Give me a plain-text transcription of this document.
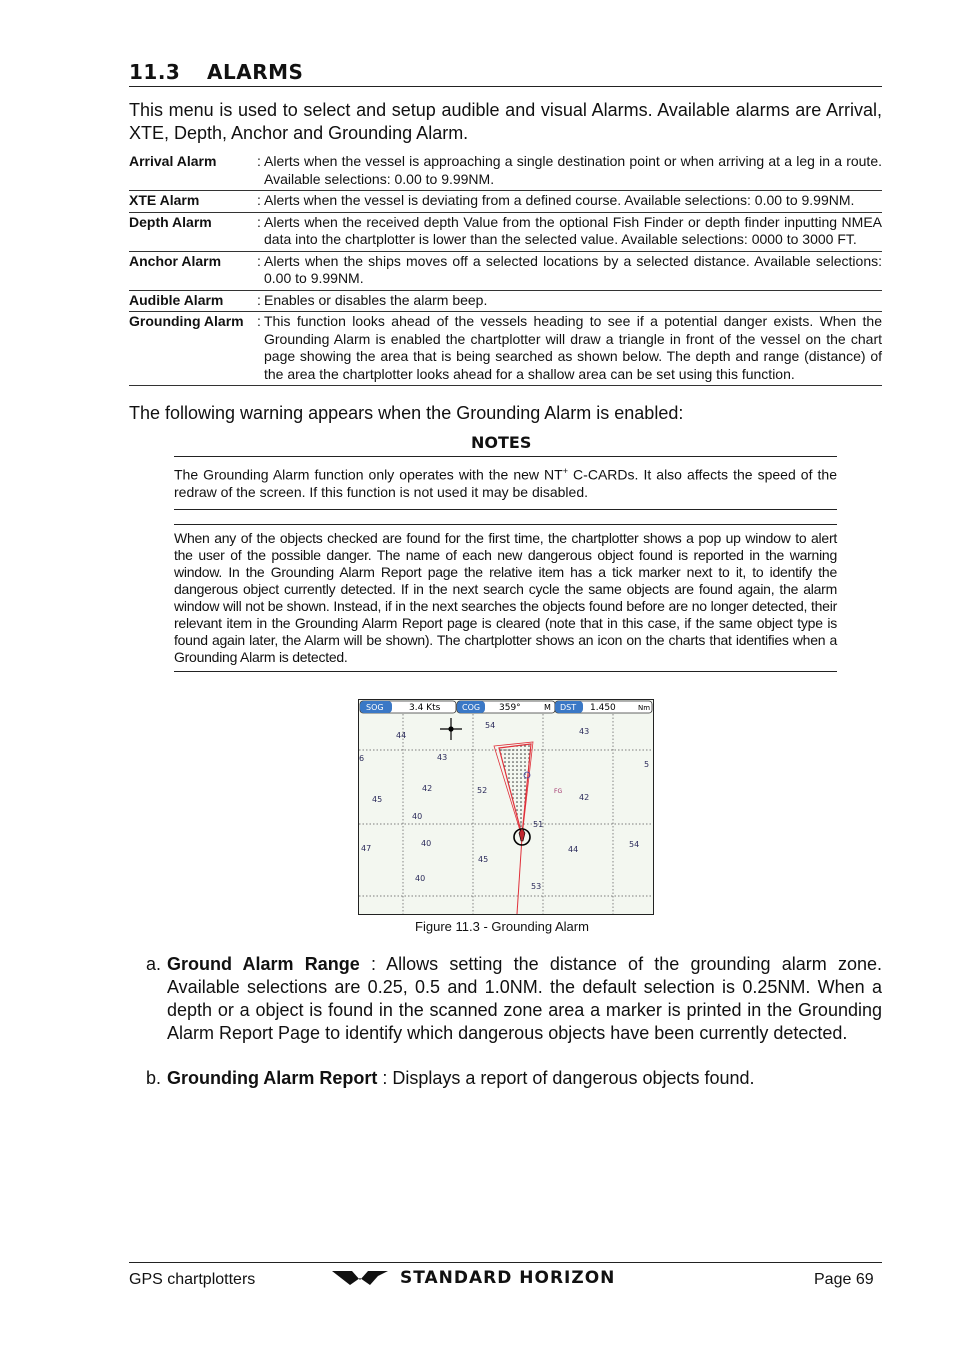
11.3 ALARMS
This menu is used to select and setup audible and visual Alarms. Available alarms are Arrival, XTE, Depth, Anchor and Grounding Alarm.
Arrival Alarm	: Alerts when the vessel is approaching a single destination point or when arriving at a leg in a route. Available selections: 0.00 to 9.99NM.
XTE Alarm	: Alerts when the vessel is deviating from a defined course. Available selections: 0.00 to 9.99NM.
Depth Alarm	: Alerts when the received depth Value from the optional Fish Finder or depth finder inputting NMEA data into the chartplotter is lower than the selected value. Available selections: 0000 to 3000 FT.
Anchor Alarm	: Alerts when the ships moves off a selected locations by a selected distance. Available selections: 0.00 to 9.99NM.
Audible Alarm	: Enables or disables the alarm beep.
Grounding Alarm : This function looks ahead of the vessels heading to see if a potential danger exists. When the Grounding Alarm is enabled the chartplotter will draw a triangle in front of the vessel on the chart page showing the area that is being searched as shown below. The depth and range (distance) of the area the chartplotter looks ahead for a shallow area can be set using this function.
The following warning appears when the Grounding Alarm is enabled:
NOTES
The Grounding Alarm function only operates with the new NT+ C-CARDs. It also affects the speed of the redraw of the screen. If this function is not used it may be disabled.
When any of the objects checked are found for the first time, the chartplotter shows a pop up window to alert the user of the possible danger. The name of each new dangerous object found is reported in the warning window. In the Grounding Alarm Report page the relative item has a tick marker next to it, to identify the dangerous object currently detected. If in the next search cycle the same objects are found again, the alarm window will not be shown. Instead, if in the next searches the objects found before are no longer detected, their relevant item in the Grounding Alarm Report page is cleared (note that in this case, if the same object type is found again later, the Alarm will be shown). The chartplotter shows an icon on the charts that identifies when a Grounding Alarm is detected.
SOG	3.4 Kts	COG 359°	M DST 1.450	Nm
54
43
44
43
5
6
45
42	52	FG
42
40
51
47
40
45
44
54
40
53
Figure 11.3 - Grounding Alarm
a. Ground Alarm Range : Allows setting the distance of the grounding alarm zone. Available selections are 0.25, 0.5 and 1.0NM. the default selection is 0.25NM. When a depth or a object is found in the scanned zone area a marker is printed in the Grounding Alarm Report Page to identify which dangerous objects have been currently detected.
b. Grounding Alarm Report : Displays a report of dangerous objects found.
GPS chartplotters	STANDARD HORIZON	Page 69
